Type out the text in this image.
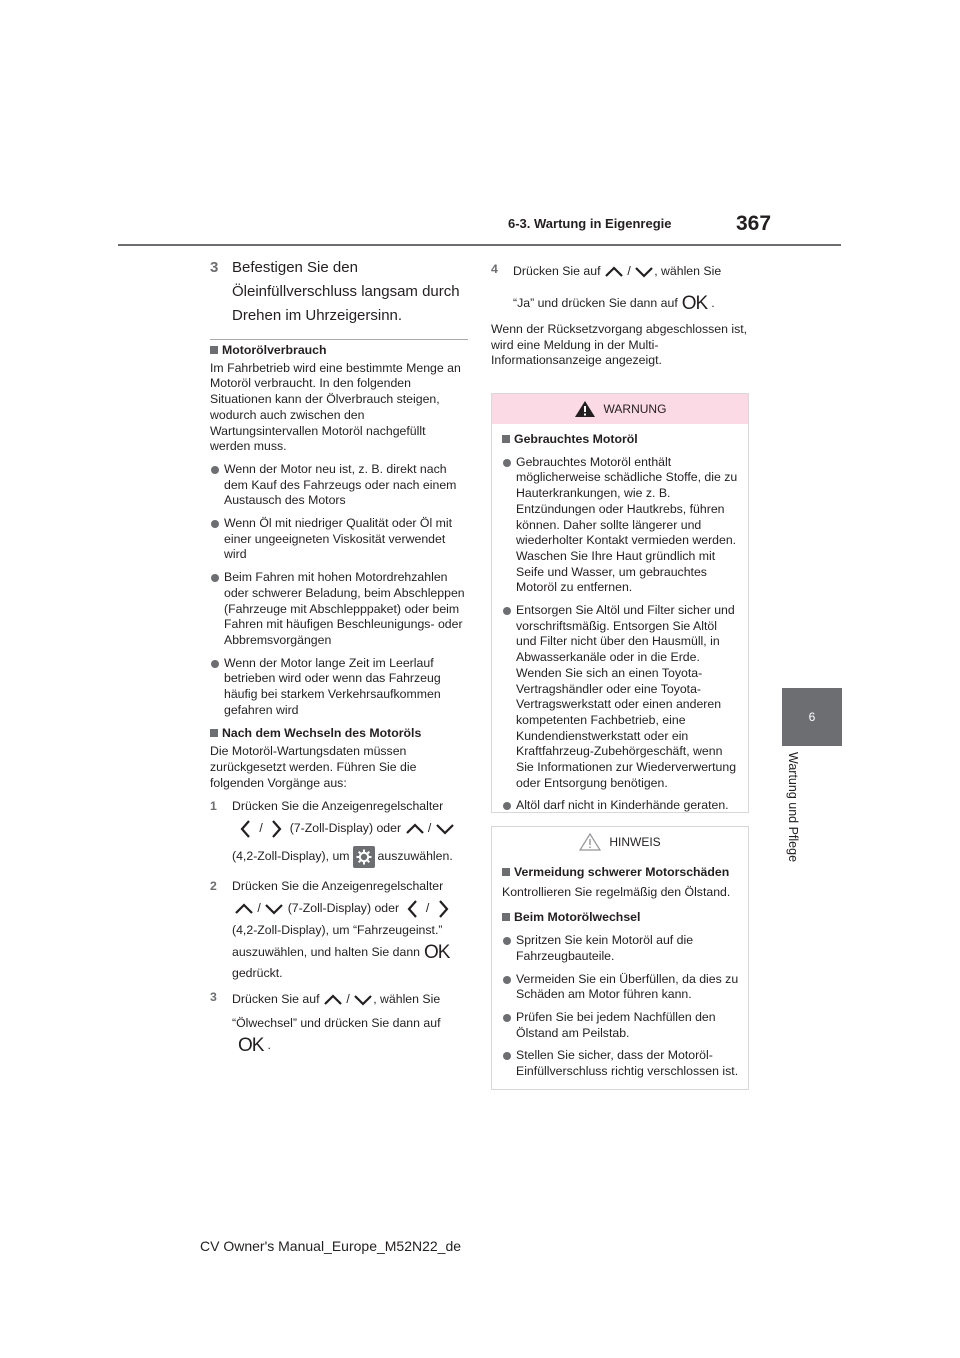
6-3. Wartung in Eigenregie	367
6
Wartung und Pflege
3 Befestigen Sie den Öleinfüllverschluss langsam durch Drehen im Uhrzeigersinn.
Motorölverbrauch

Im Fahrbetrieb wird eine bestimmte Menge an Motoröl verbraucht. In den folgenden Situationen kann der Ölverbrauch steigen, wodurch auch zwischen den Wartungsintervallen Motoröl nachgefüllt werden muss.

Wenn der Motor neu ist, z. B. direkt nach dem Kauf des Fahrzeugs oder nach einem Austausch des Motors
Wenn Öl mit niedriger Qualität oder Öl mit einer ungeeigneten Viskosität verwendet wird
Beim Fahren mit hohen Motordrehzahlen oder schwerer Beladung, beim Abschleppen (Fahrzeuge mit Abschlepppaket) oder beim Fahren mit häufigen Beschleunigungs- oder Abbremsvorgängen
Wenn der Motor lange Zeit im Leerlauf betrieben wird oder wenn das Fahrzeug häufig bei starkem Verkehrsaufkommen gefahren wird
Nach dem Wechseln des Motoröls

Die Motoröl-Wartungsdaten müssen zurückgesetzt werden. Führen Sie die folgenden Vorgänge aus:

1	Drücken Sie die Anzeigenregelschalter

/

(7-Zoll-Display) oder

/

(4,2-Zoll-Display), um auszuwählen.
2	Drücken Sie die Anzeigenregelschalter

/

(7-Zoll-Display) oder

/

(4,2-Zoll-Display), um “Fahrzeugeinst.”
auszuwählen, und halten Sie dann OK
gedrückt.
3	Drücken Sie auf

/
, wählen Sie
“Ölwechsel” und drücken Sie dann auf
OK .
4	Drücken Sie auf

/
, wählen Sie
“Ja” und drücken Sie dann auf OK .

Wenn der Rücksetzvorgang abgeschlossen ist, wird eine Meldung in der Multi-Informationsanzeige angezeigt.

WARNUNG
Gebrauchtes Motoröl
Gebrauchtes Motoröl enthält möglicherweise schädliche Stoffe, die zu Hauterkrankungen, wie z. B. Entzündungen oder Hautkrebs, führen können. Daher sollte längerer und wiederholter Kontakt vermieden werden. Waschen Sie Ihre Haut gründlich mit Seife und Wasser, um gebrauchtes Motoröl zu entfernen.
Entsorgen Sie Altöl und Filter sicher und vorschriftsmäßig. Entsorgen Sie Altöl und Filter nicht über den Hausmüll, in Abwasserkanäle oder in die Erde. Wenden Sie sich an einen Toyota-Vertragshändler oder eine Toyota-Vertragswerkstatt oder einen anderen kompetenten Fachbetrieb, eine Kundendienstwerkstatt oder ein Kraftfahrzeug-Zubehörgeschäft, wenn Sie Informationen zur Wiederverwertung oder Entsorgung benötigen.
Altöl darf nicht in Kinderhände geraten.
HINWEIS
Vermeidung schwerer Motorschäden

Kontrollieren Sie regelmäßig den Ölstand.

Beim Motorölwechsel
Spritzen Sie kein Motoröl auf die Fahrzeugbauteile.
Vermeiden Sie ein Überfüllen, da dies zu Schäden am Motor führen kann.
Prüfen Sie bei jedem Nachfüllen den Ölstand am Peilstab.
Stellen Sie sicher, dass der Motoröl-Einfüllverschluss richtig verschlossen ist.
CV Owner's Manual_Europe_M52N22_de
